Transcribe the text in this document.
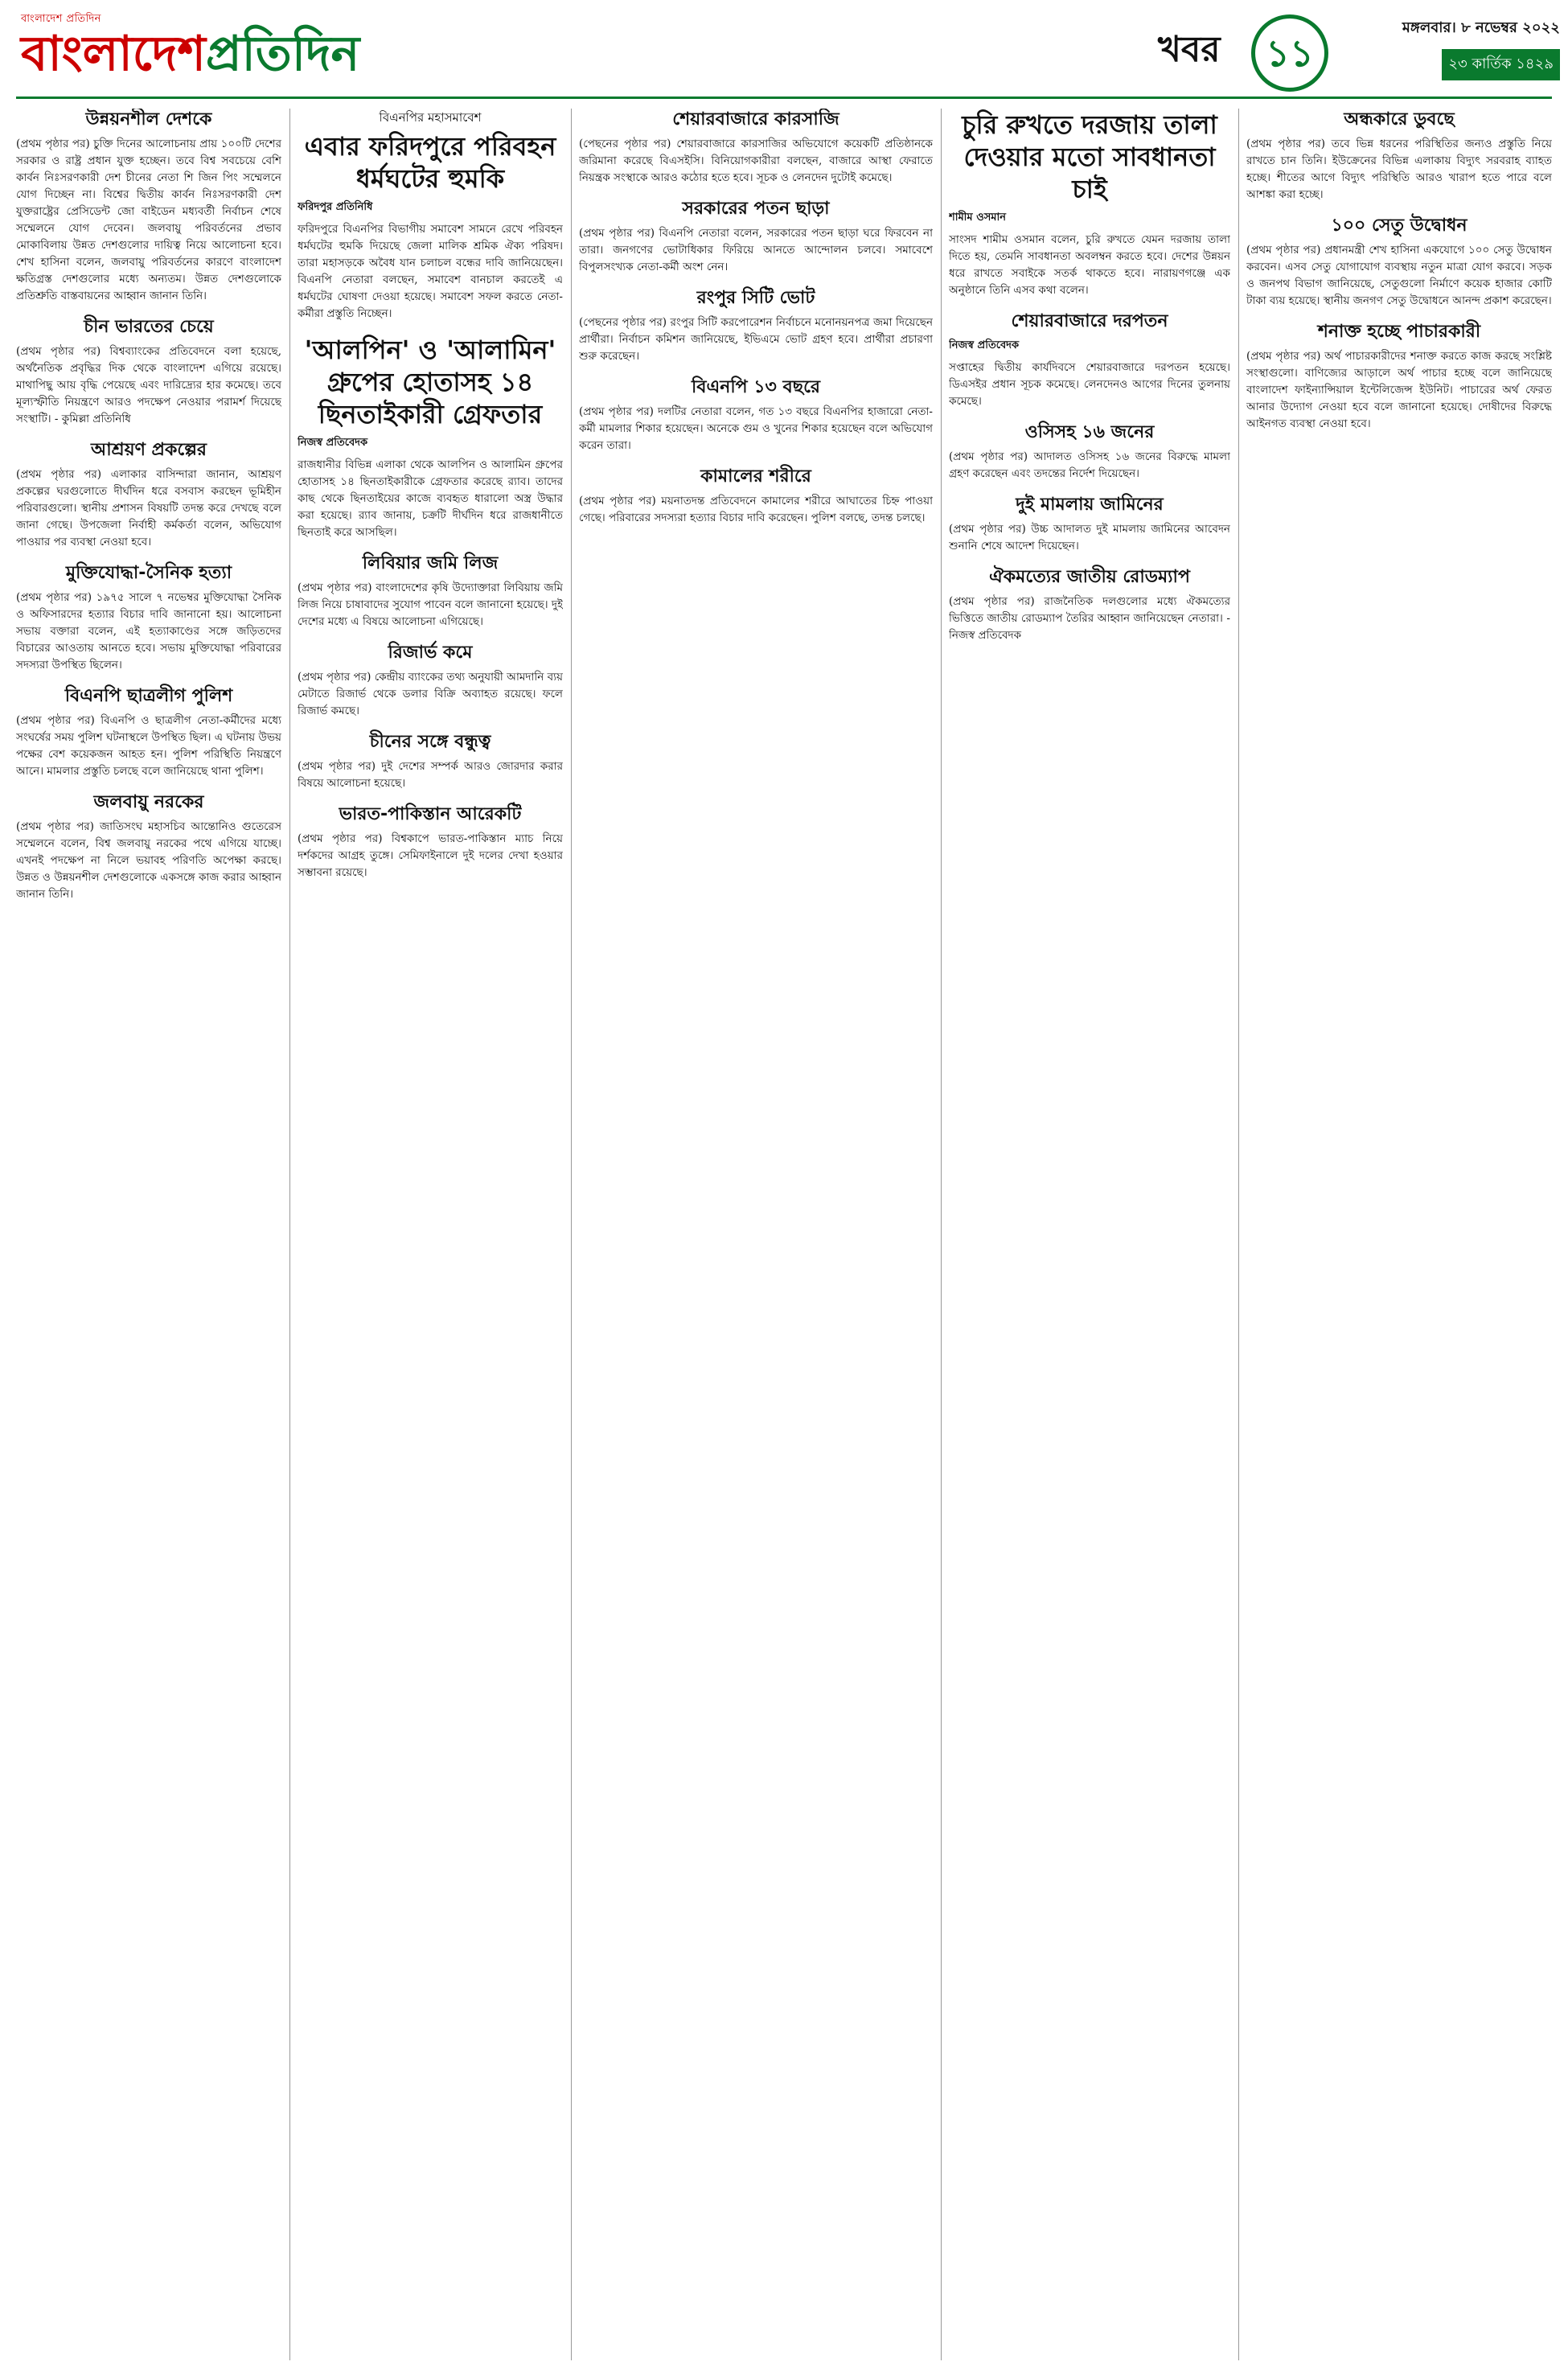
বাংলাদেশ প্রতিদিন
বাংলাদেশপ্রতিদিন	খবর	১১
মঙ্গলবার। ৮ নভেম্বর ২০২২
২৩ কার্তিক ১৪২৯
উন্নয়নশীল দেশকে

(প্রথম পৃষ্ঠার পর) চুক্তি দিনের আলোচনায় প্রায় ১০০টি দেশের সরকার ও রাষ্ট্র প্রধান যুক্ত হচ্ছেন। তবে বিশ্ব সবচেয়ে বেশি কার্বন নিঃসরণকারী দেশ চীনের নেতা শি জিন পিং সম্মেলনে যোগ দিচ্ছেন না। বিশ্বের দ্বিতীয় কার্বন নিঃসরণকারী দেশ যুক্তরাষ্ট্রের প্রেসিডেন্ট জো বাইডেন মধ্যবর্তী নির্বাচন শেষে সম্মেলনে যোগ দেবেন। জলবায়ু পরিবর্তনের প্রভাব মোকাবিলায় উন্নত দেশগুলোর দায়িত্ব নিয়ে আলোচনা হবে। শেখ হাসিনা বলেন, জলবায়ু পরিবর্তনের কারণে বাংলাদেশ ক্ষতিগ্রস্ত দেশগুলোর মধ্যে অন্যতম। উন্নত দেশগুলোকে প্রতিশ্রুতি বাস্তবায়নের আহ্বান জানান তিনি।

চীন ভারতের চেয়ে

(প্রথম পৃষ্ঠার পর) বিশ্বব্যাংকের প্রতিবেদনে বলা হয়েছে, অর্থনৈতিক প্রবৃদ্ধির দিক থেকে বাংলাদেশ এগিয়ে রয়েছে। মাথাপিছু আয় বৃদ্ধি পেয়েছে এবং দারিদ্র্যের হার কমেছে। তবে মূল্যস্ফীতি নিয়ন্ত্রণে আরও পদক্ষেপ নেওয়ার পরামর্শ দিয়েছে সংস্থাটি। - কুমিল্লা প্রতিনিধি

আশ্রয়ণ প্রকল্পের

(প্রথম পৃষ্ঠার পর) এলাকার বাসিন্দারা জানান, আশ্রয়ণ প্রকল্পের ঘরগুলোতে দীর্ঘদিন ধরে বসবাস করছেন ভূমিহীন পরিবারগুলো। স্থানীয় প্রশাসন বিষয়টি তদন্ত করে দেখছে বলে জানা গেছে। উপজেলা নির্বাহী কর্মকর্তা বলেন, অভিযোগ পাওয়ার পর ব্যবস্থা নেওয়া হবে।

মুক্তিযোদ্ধা-সৈনিক হত্যা

(প্রথম পৃষ্ঠার পর) ১৯৭৫ সালে ৭ নভেম্বর মুক্তিযোদ্ধা সৈনিক ও অফিসারদের হত্যার বিচার দাবি জানানো হয়। আলোচনা সভায় বক্তারা বলেন, এই হত্যাকাণ্ডের সঙ্গে জড়িতদের বিচারের আওতায় আনতে হবে। সভায় মুক্তিযোদ্ধা পরিবারের সদস্যরা উপস্থিত ছিলেন।

বিএনপি ছাত্রলীগ পুলিশ

(প্রথম পৃষ্ঠার পর) বিএনপি ও ছাত্রলীগ নেতা-কর্মীদের মধ্যে সংঘর্ষের সময় পুলিশ ঘটনাস্থলে উপস্থিত ছিল। এ ঘটনায় উভয় পক্ষের বেশ কয়েকজন আহত হন। পুলিশ পরিস্থিতি নিয়ন্ত্রণে আনে। মামলার প্রস্তুতি চলছে বলে জানিয়েছে থানা পুলিশ।

জলবায়ু নরকের

(প্রথম পৃষ্ঠার পর) জাতিসংঘ মহাসচিব আন্তোনিও গুতেরেস সম্মেলনে বলেন, বিশ্ব জলবায়ু নরকের পথে এগিয়ে যাচ্ছে। এখনই পদক্ষেপ না নিলে ভয়াবহ পরিণতি অপেক্ষা করছে। উন্নত ও উন্নয়নশীল দেশগুলোকে একসঙ্গে কাজ করার আহ্বান জানান তিনি।

বিএনপির মহাসমাবেশ
এবার ফরিদপুরে পরিবহন ধর্মঘটের হুমকি
ফরিদপুর প্রতিনিধি

ফরিদপুরে বিএনপির বিভাগীয় সমাবেশ সামনে রেখে পরিবহন ধর্মঘটের হুমকি দিয়েছে জেলা মালিক শ্রমিক ঐক্য পরিষদ। তারা মহাসড়কে অবৈধ যান চলাচল বন্ধের দাবি জানিয়েছেন। বিএনপি নেতারা বলছেন, সমাবেশ বানচাল করতেই এ ধর্মঘটের ঘোষণা দেওয়া হয়েছে। সমাবেশ সফল করতে নেতা-কর্মীরা প্রস্তুতি নিচ্ছেন।

'আলপিন' ও 'আলামিন' গ্রুপের হোতাসহ ১৪ ছিনতাইকারী গ্রেফতার
নিজস্ব প্রতিবেদক

রাজধানীর বিভিন্ন এলাকা থেকে আলপিন ও আলামিন গ্রুপের হোতাসহ ১৪ ছিনতাইকারীকে গ্রেফতার করেছে র‍্যাব। তাদের কাছ থেকে ছিনতাইয়ের কাজে ব্যবহৃত ধারালো অস্ত্র উদ্ধার করা হয়েছে। র‍্যাব জানায়, চক্রটি দীর্ঘদিন ধরে রাজধানীতে ছিনতাই করে আসছিল।

লিবিয়ার জমি লিজ

(প্রথম পৃষ্ঠার পর) বাংলাদেশের কৃষি উদ্যোক্তারা লিবিয়ায় জমি লিজ নিয়ে চাষাবাদের সুযোগ পাবেন বলে জানানো হয়েছে। দুই দেশের মধ্যে এ বিষয়ে আলোচনা এগিয়েছে।

রিজার্ভ কমে

(প্রথম পৃষ্ঠার পর) কেন্দ্রীয় ব্যাংকের তথ্য অনুযায়ী আমদানি ব্যয় মেটাতে রিজার্ভ থেকে ডলার বিক্রি অব্যাহত রয়েছে। ফলে রিজার্ভ কমছে।

চীনের সঙ্গে বন্ধুত্ব

(প্রথম পৃষ্ঠার পর) দুই দেশের সম্পর্ক আরও জোরদার করার বিষয়ে আলোচনা হয়েছে।

ভারত-পাকিস্তান আরেকটি

(প্রথম পৃষ্ঠার পর) বিশ্বকাপে ভারত-পাকিস্তান ম্যাচ নিয়ে দর্শকদের আগ্রহ তুঙ্গে। সেমিফাইনালে দুই দলের দেখা হওয়ার সম্ভাবনা রয়েছে।

শেয়ারবাজারে কারসাজি

(পেছনের পৃষ্ঠার পর) শেয়ারবাজারে কারসাজির অভিযোগে কয়েকটি প্রতিষ্ঠানকে জরিমানা করেছে বিএসইসি। বিনিয়োগকারীরা বলছেন, বাজারে আস্থা ফেরাতে নিয়ন্ত্রক সংস্থাকে আরও কঠোর হতে হবে। সূচক ও লেনদেন দুটোই কমেছে।

সরকারের পতন ছাড়া

(প্রথম পৃষ্ঠার পর) বিএনপি নেতারা বলেন, সরকারের পতন ছাড়া ঘরে ফিরবেন না তারা। জনগণের ভোটাধিকার ফিরিয়ে আনতে আন্দোলন চলবে। সমাবেশে বিপুলসংখ্যক নেতা-কর্মী অংশ নেন।

রংপুর সিটি ভোট

(পেছনের পৃষ্ঠার পর) রংপুর সিটি করপোরেশন নির্বাচনে মনোনয়নপত্র জমা দিয়েছেন প্রার্থীরা। নির্বাচন কমিশন জানিয়েছে, ইভিএমে ভোট গ্রহণ হবে। প্রার্থীরা প্রচারণা শুরু করেছেন।

বিএনপি ১৩ বছরে

(প্রথম পৃষ্ঠার পর) দলটির নেতারা বলেন, গত ১৩ বছরে বিএনপির হাজারো নেতা-কর্মী মামলার শিকার হয়েছেন। অনেকে গুম ও খুনের শিকার হয়েছেন বলে অভিযোগ করেন তারা।

কামালের শরীরে

(প্রথম পৃষ্ঠার পর) ময়নাতদন্ত প্রতিবেদনে কামালের শরীরে আঘাতের চিহ্ন পাওয়া গেছে। পরিবারের সদস্যরা হত্যার বিচার দাবি করেছেন। পুলিশ বলছে, তদন্ত চলছে।

চুরি রুখতে দরজায় তালা দেওয়ার মতো সাবধানতা চাই
শামীম ওসমান

সাংসদ শামীম ওসমান বলেন, চুরি রুখতে যেমন দরজায় তালা দিতে হয়, তেমনি সাবধানতা অবলম্বন করতে হবে। দেশের উন্নয়ন ধরে রাখতে সবাইকে সতর্ক থাকতে হবে। নারায়ণগঞ্জে এক অনুষ্ঠানে তিনি এসব কথা বলেন।

শেয়ারবাজারে দরপতন
নিজস্ব প্রতিবেদক

সপ্তাহের দ্বিতীয় কার্যদিবসে শেয়ারবাজারে দরপতন হয়েছে। ডিএসইর প্রধান সূচক কমেছে। লেনদেনও আগের দিনের তুলনায় কমেছে।

ওসিসহ ১৬ জনের

(প্রথম পৃষ্ঠার পর) আদালত ওসিসহ ১৬ জনের বিরুদ্ধে মামলা গ্রহণ করেছেন এবং তদন্তের নির্দেশ দিয়েছেন।

দুই মামলায় জামিনের

(প্রথম পৃষ্ঠার পর) উচ্চ আদালত দুই মামলায় জামিনের আবেদন শুনানি শেষে আদেশ দিয়েছেন।

ঐকমত্যের জাতীয় রোডম্যাপ

(প্রথম পৃষ্ঠার পর) রাজনৈতিক দলগুলোর মধ্যে ঐকমত্যের ভিত্তিতে জাতীয় রোডম্যাপ তৈরির আহ্বান জানিয়েছেন নেতারা। - নিজস্ব প্রতিবেদক

অন্ধকারে ডুবছে

(প্রথম পৃষ্ঠার পর) তবে ভিন্ন ধরনের পরিস্থিতির জন্যও প্রস্তুতি নিয়ে রাখতে চান তিনি। ইউক্রেনের বিভিন্ন এলাকায় বিদ্যুৎ সরবরাহ ব্যাহত হচ্ছে। শীতের আগে বিদ্যুৎ পরিস্থিতি আরও খারাপ হতে পারে বলে আশঙ্কা করা হচ্ছে।

১০০ সেতু উদ্বোধন

(প্রথম পৃষ্ঠার পর) প্রধানমন্ত্রী শেখ হাসিনা একযোগে ১০০ সেতু উদ্বোধন করবেন। এসব সেতু যোগাযোগ ব্যবস্থায় নতুন মাত্রা যোগ করবে। সড়ক ও জনপথ বিভাগ জানিয়েছে, সেতুগুলো নির্মাণে কয়েক হাজার কোটি টাকা ব্যয় হয়েছে। স্থানীয় জনগণ সেতু উদ্বোধনে আনন্দ প্রকাশ করেছেন।

শনাক্ত হচ্ছে পাচারকারী

(প্রথম পৃষ্ঠার পর) অর্থ পাচারকারীদের শনাক্ত করতে কাজ করছে সংশ্লিষ্ট সংস্থাগুলো। বাণিজ্যের আড়ালে অর্থ পাচার হচ্ছে বলে জানিয়েছে বাংলাদেশ ফাইন্যান্সিয়াল ইন্টেলিজেন্স ইউনিট। পাচারের অর্থ ফেরত আনার উদ্যোগ নেওয়া হবে বলে জানানো হয়েছে। দোষীদের বিরুদ্ধে আইনগত ব্যবস্থা নেওয়া হবে।
